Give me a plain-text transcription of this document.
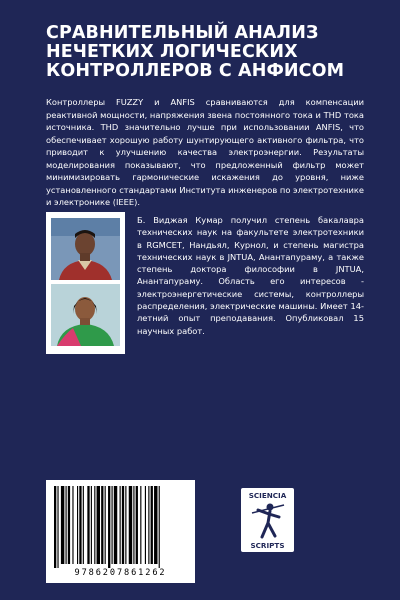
СРАВНИТЕЛЬНЫЙ АНАЛИЗ
НЕЧЕТКИХ ЛОГИЧЕСКИХ
КОНТРОЛЛЕРОВ С АНФИСОМ
Контроллеры FUZZY и ANFIS сравниваются для компенсации реактивной мощности, напряжения звена постоянного тока и THD тока источника. THD значительно лучше при использовании ANFIS, что обеспечивает хорошую работу шунтирующего активного фильтра, что приводит к улучшению качества электроэнергии. Результаты моделирования показывают, что предложенный фильтр может минимизировать гармонические искажения до уровня, ниже установленного стандартами Института инженеров по электротехнике и электронике (IEEE).
Б. Виджая Кумар получил степень бакалавра технических наук на факультете электротехники в RGMCET, Нандьял, Курнол, и степень магистра технических наук в JNTUA, Анантапураму, а также степень доктора философии в JNTUA, Анантапураму. Область его интересов - электроэнергетические системы, контроллеры распределения, электрические машины. Имеет 14-летний опыт преподавания. Опубликовал 15 научных работ.
9786207861262
SCIENCIA
SCRIPTS
